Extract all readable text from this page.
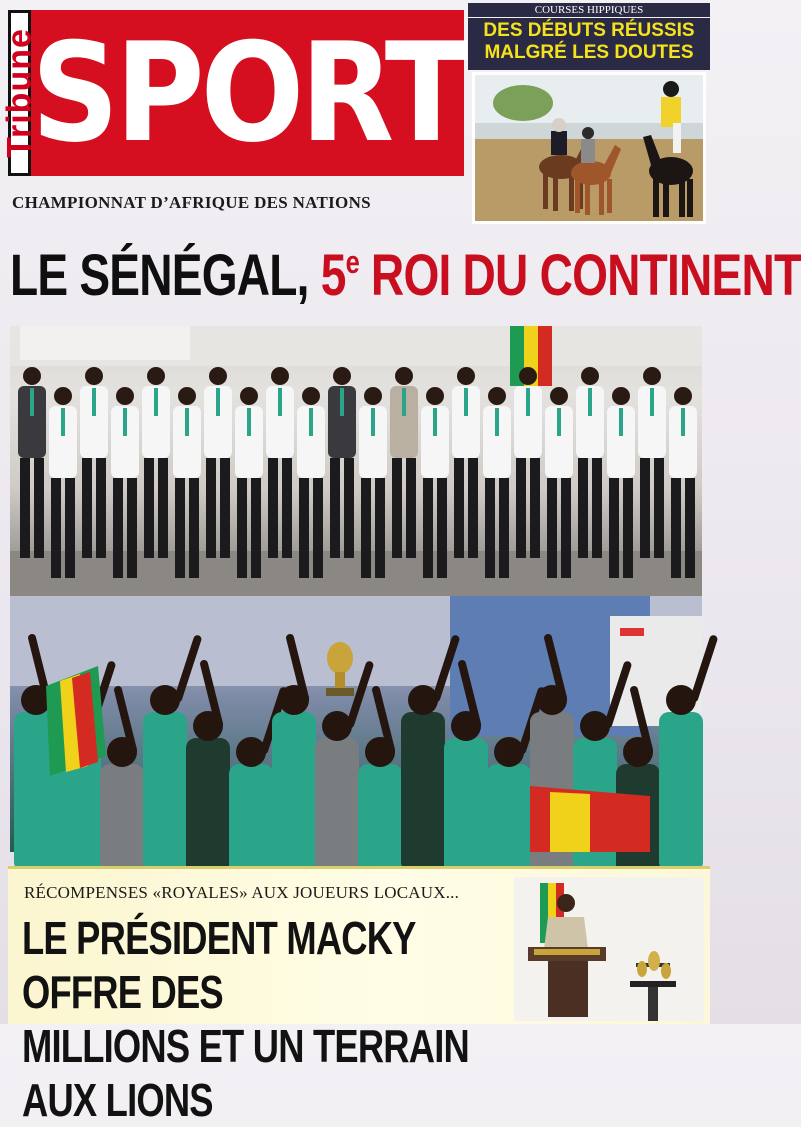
Tribune
SPORT
COURSES HIPPIQUES
DES DÉBUTS RÉUSSIS
MALGRÉ LES DOUTES
CHAMPIONNAT D’AFRIQUE DES NATIONS
LE SÉNÉGAL, 5e ROI DU CONTINENT
RÉCOMPENSES «ROYALES» AUX JOUEURS LOCAUX...
LE PRÉSIDENT MACKY OFFRE DES
MILLIONS ET UN TERRAIN AUX LIONS
